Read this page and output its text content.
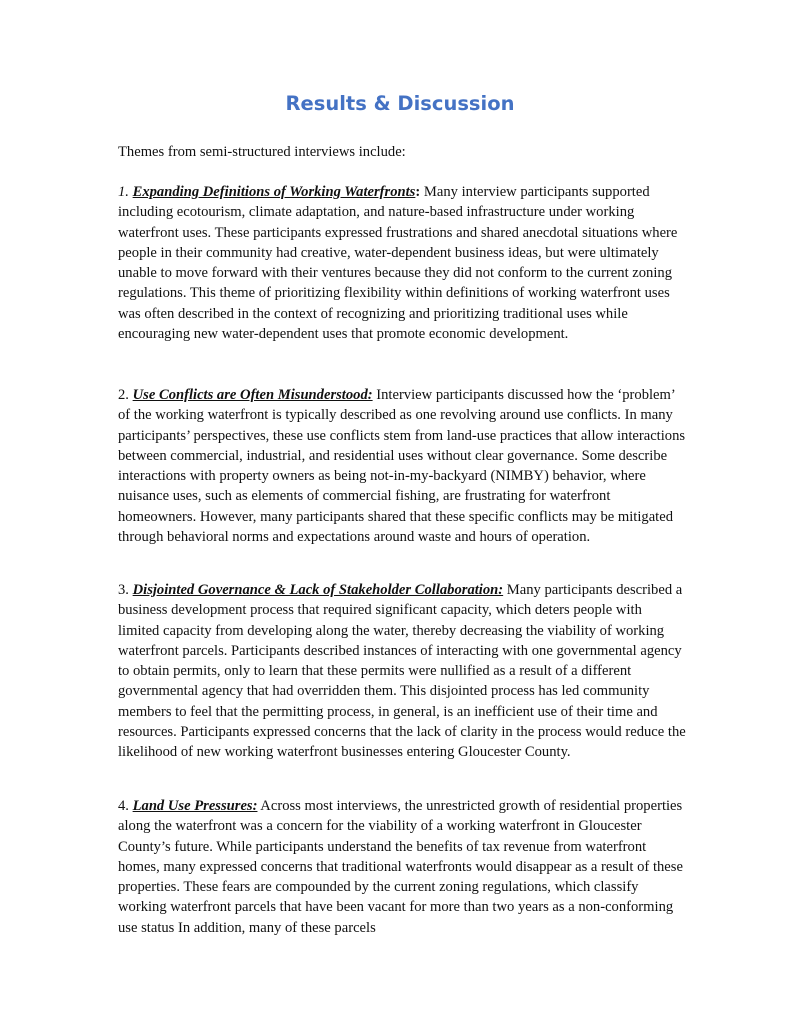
Results & Discussion

Themes from semi-structured interviews include:

1. Expanding Definitions of Working Waterfronts: Many interview participants supported including ecotourism, climate adaptation, and nature-based infrastructure under working waterfront uses. These participants expressed frustrations and shared anecdotal situations where people in their community had creative, water-dependent business ideas, but were ultimately unable to move forward with their ventures because they did not conform to the current zoning regulations. This theme of prioritizing flexibility within definitions of working waterfront uses was often described in the context of recognizing and prioritizing traditional uses while encouraging new water-dependent uses that promote economic development.

2. Use Conflicts are Often Misunderstood: Interview participants discussed how the ‘problem’ of the working waterfront is typically described as one revolving around use conflicts. In many participants’ perspectives, these use conflicts stem from land-use practices that allow interactions between commercial, industrial, and residential uses without clear governance. Some describe interactions with property owners as being not-in-my-backyard (NIMBY) behavior, where nuisance uses, such as elements of commercial fishing, are frustrating for waterfront homeowners. However, many participants shared that these specific conflicts may be mitigated through behavioral norms and expectations around waste and hours of operation.

3. Disjointed Governance & Lack of Stakeholder Collaboration: Many participants described a business development process that required significant capacity, which deters people with limited capacity from developing along the water, thereby decreasing the viability of working waterfront parcels. Participants described instances of interacting with one governmental agency to obtain permits, only to learn that these permits were nullified as a result of a different governmental agency that had overridden them. This disjointed process has led community members to feel that the permitting process, in general, is an inefficient use of their time and resources. Participants expressed concerns that the lack of clarity in the process would reduce the likelihood of new working waterfront businesses entering Gloucester County.

4. Land Use Pressures: Across most interviews, the unrestricted growth of residential properties along the waterfront was a concern for the viability of a working waterfront in Gloucester County’s future. While participants understand the benefits of tax revenue from waterfront homes, many expressed concerns that traditional waterfronts would disappear as a result of these properties. These fears are compounded by the current zoning regulations, which classify working waterfront parcels that have been vacant for more than two years as a non-conforming use status In addition, many of these parcels
